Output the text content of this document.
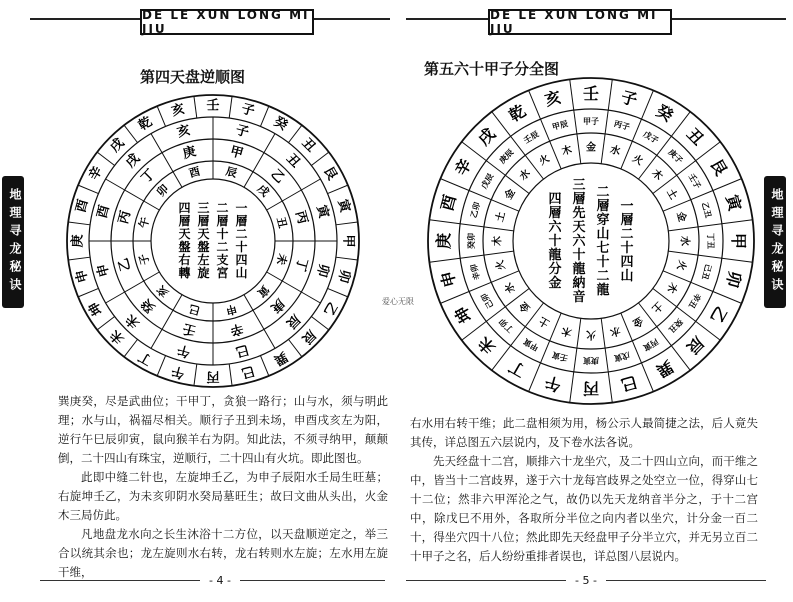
DE LE XUN LONG MI JIU
地理寻龙秘诀
第四天盘逆顺图
壬 子
癸
丑
艮
寅
甲
卯
乙
辰
巽
巳
丙
午
丁
未
坤
申
庚
酉
辛
戌
乾
亥
子
丑
寅
卯
辰
巳
午
未
申
酉
戌
亥
甲
乙
丙
丁
庚
辛
壬
癸
乙
丙
丁
庚
辰
戌
丑
未
寅
申
巳
亥
子
午
卯
酉
一層二十四山
二層十二支宮
三層天盤左旋
四層天盤右轉

巽庚癸，尽是武曲位；干甲丁，贪狼一路行；山与水，须与明此理；水与山，祸福尽相关。顺行子丑到未场，申酉戌亥左为阳，逆行午巳辰卯寅，鼠向猴羊右为阴。知此法，不须寻纳甲，颠颠倒，二十四山有珠宝，逆顺行，二十四山有火坑。即此图也。

此即中缝二针也，左旋坤壬乙，为申子辰阳水壬局生旺墓；右旋坤壬乙，为未亥卯阴水癸局墓旺生；故曰文曲从头出，火金木三局仿此。

凡地盘龙水向之长生沐浴十二方位，以天盘顺逆定之，举三合以统其余也；龙左旋则水右转，龙右转则水左旋；左水用左旋干维，

- 4 -
DE LE XUN LONG MI JIU
地理寻龙秘诀
第五六十甲子分全图
壬 子
癸
丑
艮
寅
甲
卯
乙
辰
巽
巳
丙
午
丁
未
坤
申
庚
酉
辛
戌
乾
亥
甲子 丙子
戊子
庚子
壬子
乙丑
丁丑
己丑
辛丑
癸丑
丙寅
戊寅
庚寅
壬寅
甲寅
丁卯
己卯
辛卯
癸卯
乙卯
戊辰
庚辰
壬辰
甲辰
金 水
火
木
土
金
水
火
木
土
金
水
火
木
土
金
水
火
木
土
金
水
火
木
一層二十四山
二層穿山七十二龍
三層先天六十龍納音
四層六十龍分金
爱心无限

右水用右转干维；此二盘相须为用，杨公示人最简捷之法，后人竟失其传，详总图五六层说内，及下卷水法各说。

先天经盘十二宫，顺排六十龙坐穴，及二十四山立向，而干维之中，皆当十二宫歧界，遂于六十龙每宫歧界之处空立一位，得穿山七十二位；然非六甲浑沦之气，故仍以先天龙纳音半分之，于十二宫中，除戊巳不用外，各取所分半位之向内者以坐穴，计分金一百二十，得坐穴四十八位；然此即先天经盘甲子分半立穴，并无另立百二十甲子之名，后人纷纷重排者误也，详总图八层说内。

- 5 -
